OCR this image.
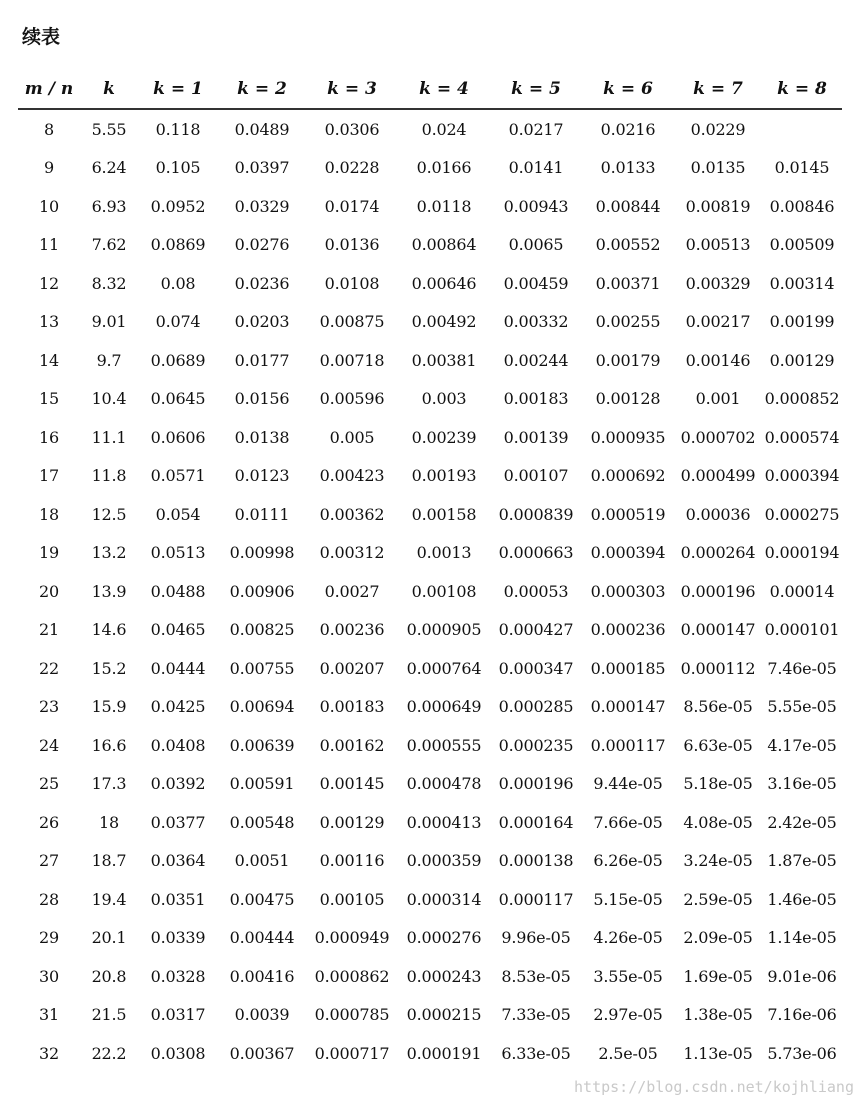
续表
m / n	k	k = 1	k = 2	k = 3	k = 4	k = 5	k = 6	k = 7	k = 8
8	5.55	0.118	0.0489	0.0306	0.024	0.0217	0.0216	0.0229	
9	6.24	0.105	0.0397	0.0228	0.0166	0.0141	0.0133	0.0135	0.0145
10	6.93	0.0952	0.0329	0.0174	0.0118	0.00943	0.00844	0.00819	0.00846
11	7.62	0.0869	0.0276	0.0136	0.00864	0.0065	0.00552	0.00513	0.00509
12	8.32	0.08	0.0236	0.0108	0.00646	0.00459	0.00371	0.00329	0.00314
13	9.01	0.074	0.0203	0.00875	0.00492	0.00332	0.00255	0.00217	0.00199
14	9.7	0.0689	0.0177	0.00718	0.00381	0.00244	0.00179	0.00146	0.00129
15	10.4	0.0645	0.0156	0.00596	0.003	0.00183	0.00128	0.001	0.000852
16	11.1	0.0606	0.0138	0.005	0.00239	0.00139	0.000935	0.000702	0.000574
17	11.8	0.0571	0.0123	0.00423	0.00193	0.00107	0.000692	0.000499	0.000394
18	12.5	0.054	0.0111	0.00362	0.00158	0.000839	0.000519	0.00036	0.000275
19	13.2	0.0513	0.00998	0.00312	0.0013	0.000663	0.000394	0.000264	0.000194
20	13.9	0.0488	0.00906	0.0027	0.00108	0.00053	0.000303	0.000196	0.00014
21	14.6	0.0465	0.00825	0.00236	0.000905	0.000427	0.000236	0.000147	0.000101
22	15.2	0.0444	0.00755	0.00207	0.000764	0.000347	0.000185	0.000112	7.46e-05
23	15.9	0.0425	0.00694	0.00183	0.000649	0.000285	0.000147	8.56e-05	5.55e-05
24	16.6	0.0408	0.00639	0.00162	0.000555	0.000235	0.000117	6.63e-05	4.17e-05
25	17.3	0.0392	0.00591	0.00145	0.000478	0.000196	9.44e-05	5.18e-05	3.16e-05
26	18	0.0377	0.00548	0.00129	0.000413	0.000164	7.66e-05	4.08e-05	2.42e-05
27	18.7	0.0364	0.0051	0.00116	0.000359	0.000138	6.26e-05	3.24e-05	1.87e-05
28	19.4	0.0351	0.00475	0.00105	0.000314	0.000117	5.15e-05	2.59e-05	1.46e-05
29	20.1	0.0339	0.00444	0.000949	0.000276	9.96e-05	4.26e-05	2.09e-05	1.14e-05
30	20.8	0.0328	0.00416	0.000862	0.000243	8.53e-05	3.55e-05	1.69e-05	9.01e-06
31	21.5	0.0317	0.0039	0.000785	0.000215	7.33e-05	2.97e-05	1.38e-05	7.16e-06
32	22.2	0.0308	0.00367	0.000717	0.000191	6.33e-05	2.5e-05	1.13e-05	5.73e-06
https://blog.csdn.net/kojhliang
